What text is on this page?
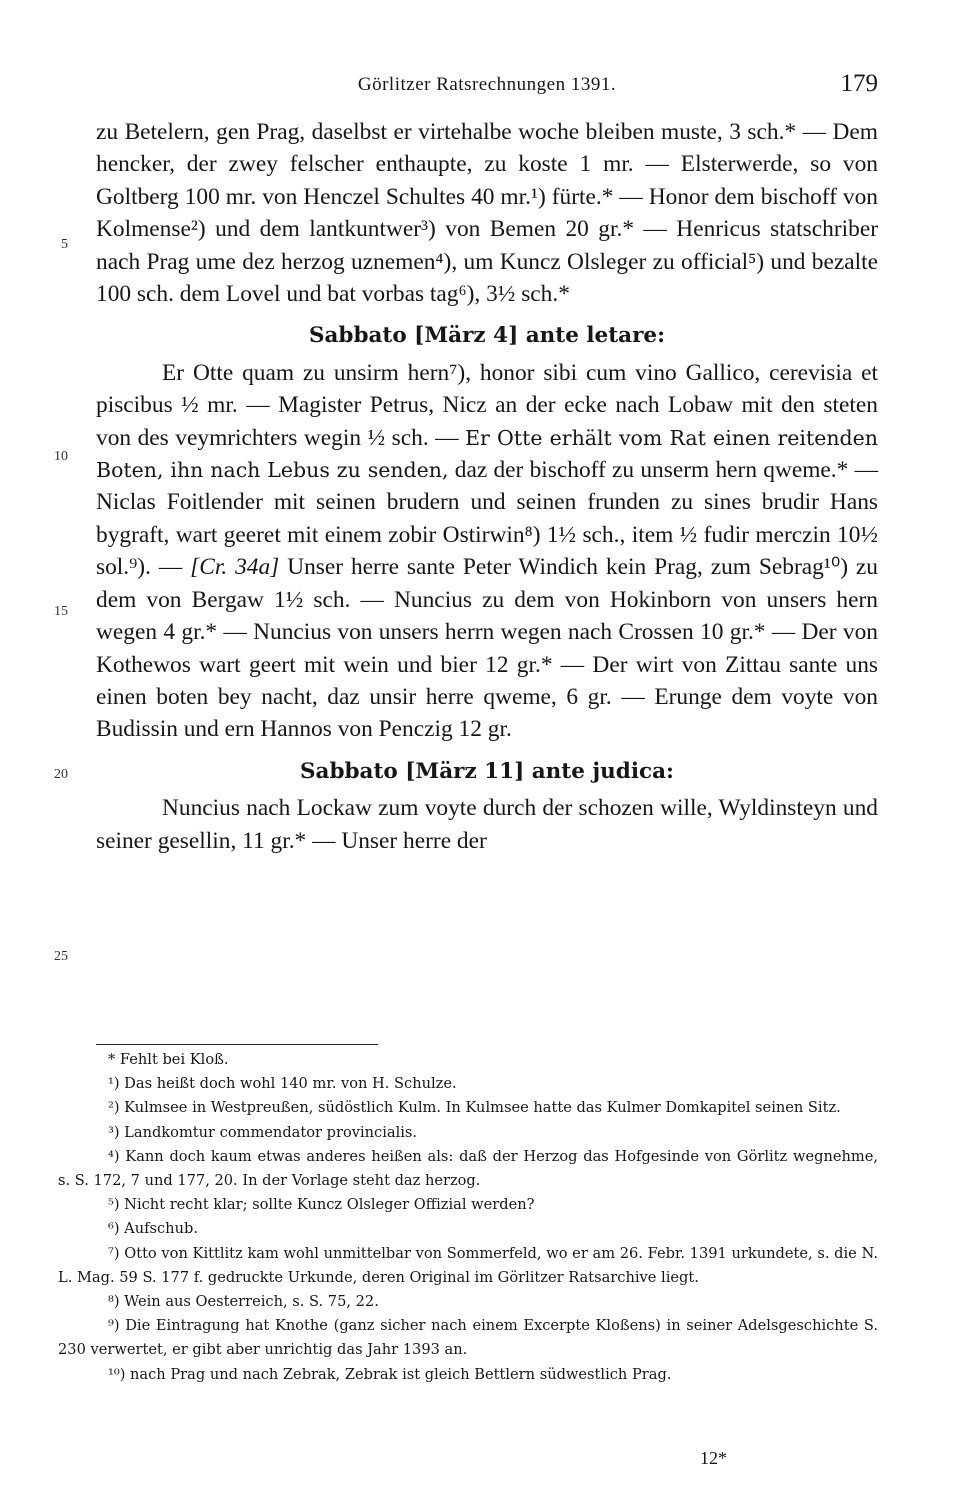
Görlitzer Ratsrechnungen 1391.	179
5
10
15
20
25

zu Betelern, gen Prag, daselbst er virtehalbe woche bleiben muste, 3 sch.* — Dem hencker, der zwey felscher enthaupte, zu koste 1 mr. — Elsterwerde, so von Goltberg 100 mr. von Henczel Schultes 40 mr.¹) fürte.* — Honor dem bischoff von Kolmense²) und dem lantkuntwer³) von Bemen 20 gr.* — Henricus statschriber nach Prag ume dez herzog uznemen⁴), um Kuncz Olsleger zu official⁵) und bezalte 100 sch. dem Lovel und bat vorbas tag⁶), 3½ sch.*

Sabbato [März 4] ante letare:

Er Otte quam zu unsirm hern⁷), honor sibi cum vino Gallico, cerevisia et piscibus ½ mr. — Magister Petrus, Nicz an der ecke nach Lobaw mit den steten von des veymrichters wegin ½ sch. — Er Otte erhält vom Rat einen reitenden Boten, ihn nach Lebus zu senden, daz der bischoff zu unserm hern qweme.* — Niclas Foitlender mit seinen brudern und seinen frunden zu sines brudir Hans bygraft, wart geeret mit einem zobir Ostirwin⁸) 1½ sch., item ½ fudir merczin 10½ sol.⁹). — [Cr. 34a] Unser herre sante Peter Windich kein Prag, zum Sebrag¹⁰) zu dem von Bergaw 1½ sch. — Nuncius zu dem von Hokinborn von unsers hern wegen 4 gr.* — Nuncius von unsers herrn wegen nach Crossen 10 gr.* — Der von Kothewos wart geert mit wein und bier 12 gr.* — Der wirt von Zittau sante uns einen boten bey nacht, daz unsir herre qweme, 6 gr. — Erunge dem voyte von Budissin und ern Hannos von Penczig 12 gr.

Sabbato [März 11] ante judica:

Nuncius nach Lockaw zum voyte durch der schozen wille, Wyldinsteyn und seiner gesellin, 11 gr.* — Unser herre der

* Fehlt bei Kloß.

¹) Das heißt doch wohl 140 mr. von H. Schulze.

²) Kulmsee in Westpreußen, südöstlich Kulm. In Kulmsee hatte das Kulmer Domkapitel seinen Sitz.

³) Landkomtur commendator provincialis.

⁴) Kann doch kaum etwas anderes heißen als: daß der Herzog das Hofgesinde von Görlitz wegnehme, s. S. 172, 7 und 177, 20. In der Vorlage steht daz herzog.

⁵) Nicht recht klar; sollte Kuncz Olsleger Offizial werden?

⁶) Aufschub.

⁷) Otto von Kittlitz kam wohl unmittelbar von Sommerfeld, wo er am 26. Febr. 1391 urkundete, s. die N. L. Mag. 59 S. 177 f. gedruckte Urkunde, deren Original im Görlitzer Ratsarchive liegt.

⁸) Wein aus Oesterreich, s. S. 75, 22.

⁹) Die Eintragung hat Knothe (ganz sicher nach einem Excerpte Kloßens) in seiner Adelsgeschichte S. 230 verwertet, er gibt aber unrichtig das Jahr 1393 an.

¹⁰) nach Prag und nach Zebrak, Zebrak ist gleich Bettlern südwestlich Prag.

12*
